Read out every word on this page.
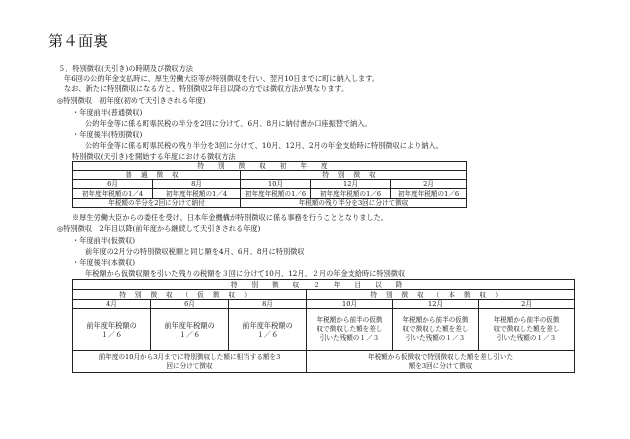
第４面裏
５．特別徴収(天引き)の時期及び徴収方法
年6回の公的年金支払時に、厚生労働大臣等が特別徴収を行い、翌月10日までに町に納入します。
なお、新たに特別徴収になる方と、特別徴収2年目以降の方では徴収方法が異なります。
◎特別徴収　初年度(初めて天引きされる年度)
・年度前半(普通徴収)
公的年金等に係る町県民税の半分を2回に分けて、6月、8月に納付書か口座振替で納入。
・年度後半(特別徴収)
公的年金等に係る町県民税の残り半分を3回に分けて、10月、12月、2月の年金支給時に特別徴収により納入。
特別徴収(天引き)を開始する年度における徴収方法
特別徴収初年度				
普通徴収		特別徴収		
6月	8月	10月	12月	2月
初年度年税額の1／4	初年度年税額の1／4	初年度年税額の1／6	初年度年税額の1／6	初年度年税額の1／6
年税額の半分を2回に分けて納付		年税額の残り半分を3回に分けて徴収		
※厚生労働大臣からの委任を受け、日本年金機構が特別徴収に係る事務を行うこととなりました。
◎特別徴収　2年目以降(前年度から継続して天引きされる年度)
・年度前半(仮徴収)
前年度の2月分の特別徴収税額と同じ額を4月、6月、8月に特別徴収
・年度後半(本徴収)
年税額から仮徴収額を引いた残りの税額を３回に分けて10月、12月、２月の年金支給時に特別徴収
特別徴収２年目以降					
特別徴収（仮徴収）			特別徴収（本徴収）		
4月	6月	8月	10月	12月	2月
前年度年税額の１／６	前年度年税額の１／６	前年度年税額の１／６	年税額から前半の仮徴収で徴収した額を差し引いた残額の１／３	年税額から前半の仮徴収で徴収した額を差し引いた残額の１／３	年税額から前半の仮徴収で徴収した額を差し引いた残額の１／３
前年度の10月から3月までに特別徴収した額に相当する額を3回に分けて徴収			年税額から仮徴収で特別徴収した額を差し引いた額を3回に分けて徴収		
